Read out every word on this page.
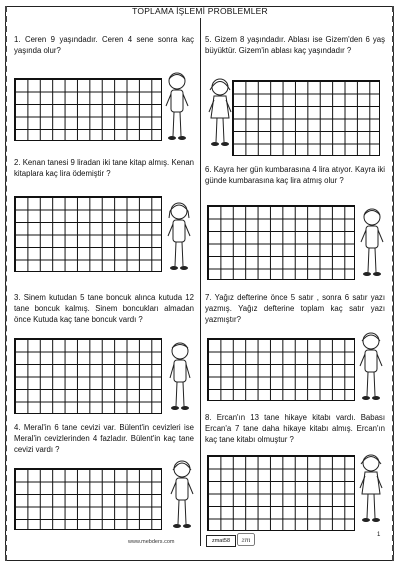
TOPLAMA İŞLEMİ PROBLEMLER

1. Ceren 9 yaşındadır. Ceren 4 sene sonra kaç yaşında olur?

2. Kenan tanesi 9 liradan iki tane kitap almış. Kenan kitaplara kaç lira ödemiştir ?

3. Sinem kutudan 5 tane boncuk alınca kutuda 12 tane boncuk kalmış. Sinem boncukları almadan önce Kutuda kaç tane boncuk vardı ?

4. Meral'in 6 tane cevizi var. Bülent'in cevizleri ise Meral'in cevizlerinden 4 fazladır. Bülent'in kaç tane cevizi vardı ?

5. Gizem 8 yaşındadır. Ablası ise Gizem'den 6 yaş büyüktür. Gizem'in ablası kaç yaşındadır ?

6. Kayra her gün kumbarasına 4 lira atıyor. Kayra iki günde kumbarasına kaç lira atmış olur ?

7. Yağız defterine önce 5 satır , sonra 6 satır yazı yazmış. Yağız defterine toplam kaç satır yazı yazmıştır?

8. Ercan'ın 13 tane hikaye kitabı vardı. Babası Ercan'a 7 tane daha hikaye kitabı almış. Ercan'ın kaç tane kitabı olmuştur ?

www.mebders.com	zmat58	zm
1
